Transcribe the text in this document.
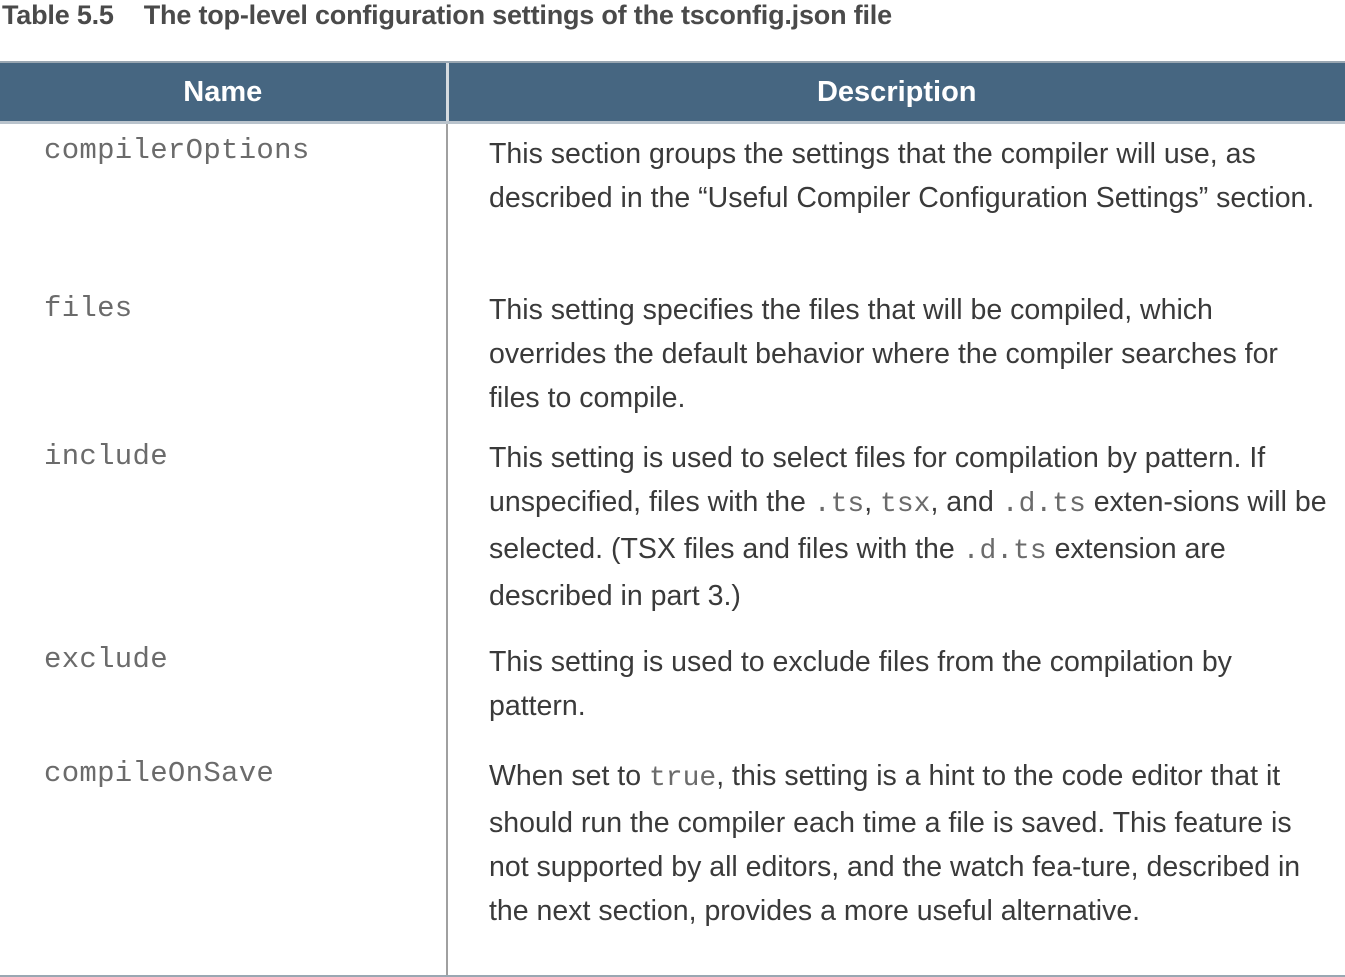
Table 5.5 The top-level configuration settings of the tsconfig.json file
Name	Description

compilerOptions	This section groups the settings that the compiler will use, as described in the “Useful Compiler Configuration Settings” section.

files	This setting specifies the files that will be compiled, which overrides the default behavior where the compiler searches for files to compile.

include	This setting is used to select files for compilation by pattern. If unspecified, files with the .ts, tsx, and .d.ts exten-sions will be selected. (TSX files and files with the .d.ts extension are described in part 3.)

exclude	This setting is used to exclude files from the compilation by pattern.

compileOnSave	When set to true, this setting is a hint to the code editor that it should run the compiler each time a file is saved. This feature is not supported by all editors, and the watch fea-ture, described in the next section, provides a more useful alternative.
